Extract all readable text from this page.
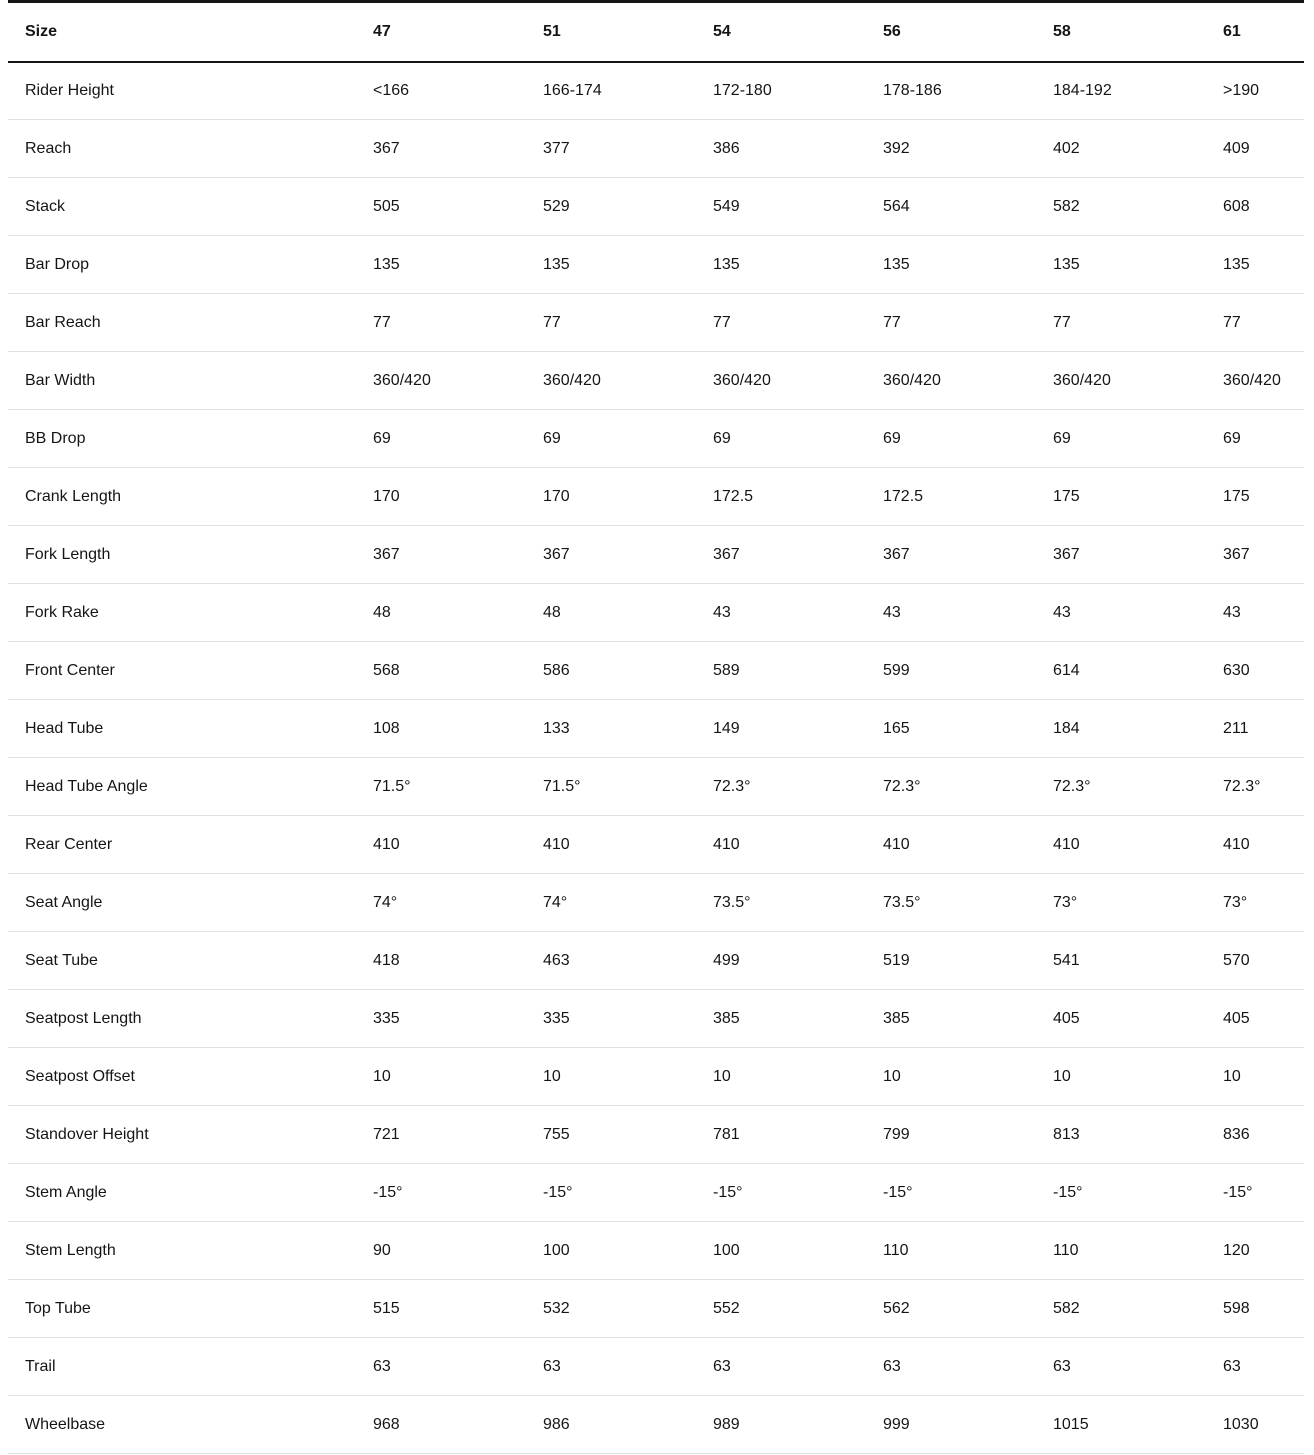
Size	47	51	54	56	58	61
Rider Height	<166	166-174	172-180	178-186	184-192	>190
Reach	367	377	386	392	402	409
Stack	505	529	549	564	582	608
Bar Drop	135	135	135	135	135	135
Bar Reach	77	77	77	77	77	77
Bar Width	360/420	360/420	360/420	360/420	360/420	360/420
BB Drop	69	69	69	69	69	69
Crank Length	170	170	172.5	172.5	175	175
Fork Length	367	367	367	367	367	367
Fork Rake	48	48	43	43	43	43
Front Center	568	586	589	599	614	630
Head Tube	108	133	149	165	184	211
Head Tube Angle	71.5°	71.5°	72.3°	72.3°	72.3°	72.3°
Rear Center	410	410	410	410	410	410
Seat Angle	74°	74°	73.5°	73.5°	73°	73°
Seat Tube	418	463	499	519	541	570
Seatpost Length	335	335	385	385	405	405
Seatpost Offset	10	10	10	10	10	10
Standover Height	721	755	781	799	813	836
Stem Angle	-15°	-15°	-15°	-15°	-15°	-15°
Stem Length	90	100	100	110	110	120
Top Tube	515	532	552	562	582	598
Trail	63	63	63	63	63	63
Wheelbase	968	986	989	999	1015	1030
